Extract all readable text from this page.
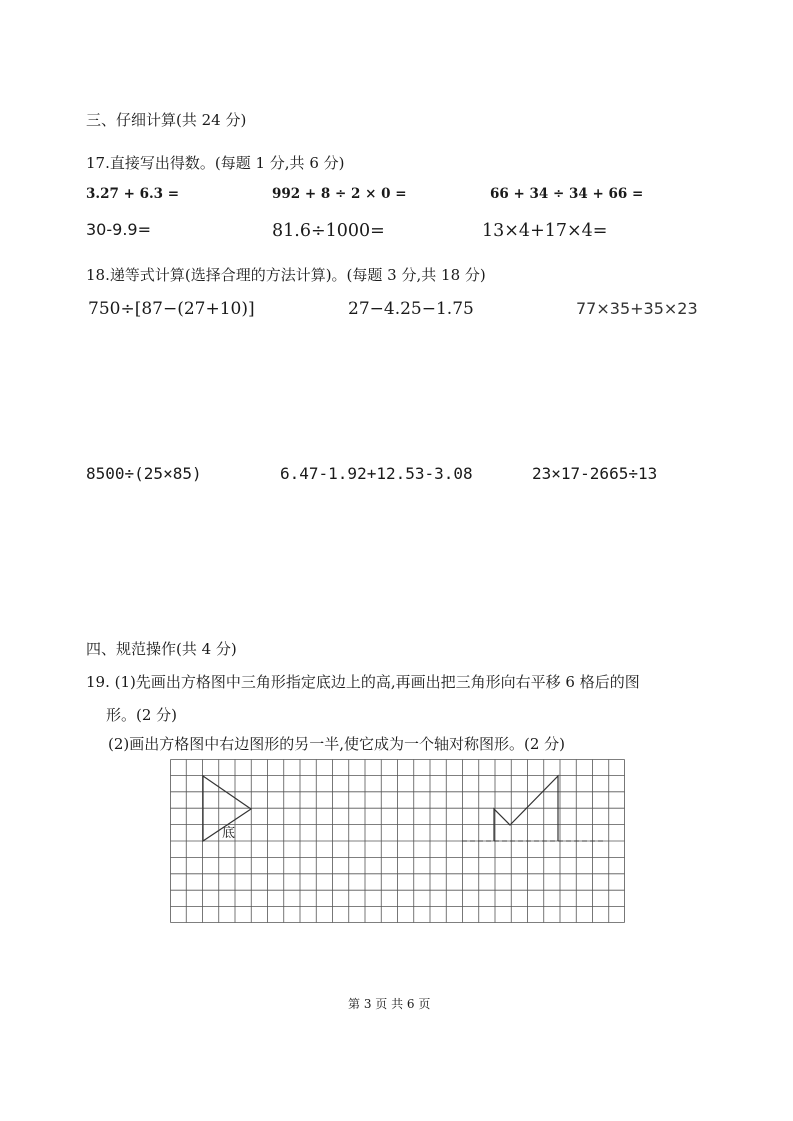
三、仔细计算(共 24 分)
17.直接写出得数。(每题 1 分,共 6 分)
3.27 + 6.3 =	992 + 8 ÷ 2 × 0 =	66 + 34 ÷ 34 + 66 =
30-9.9=	81.6÷1000=	13×4+17×4=
18.递等式计算(选择合理的方法计算)。(每题 3 分,共 18 分)
750÷[87−(27+10)]	27−4.25−1.75	77×35+35×23
8500÷(25×85)	6.47-1.92+12.53-3.08	23×17-2665÷13
四、规范操作(共 4 分)
19. (1)先画出方格图中三角形指定底边上的高,再画出把三角形向右平移 6 格后的图
形。(2 分)
(2)画出方格图中右边图形的另一半,使它成为一个轴对称图形。(2 分)
底
第 3 页 共 6 页
